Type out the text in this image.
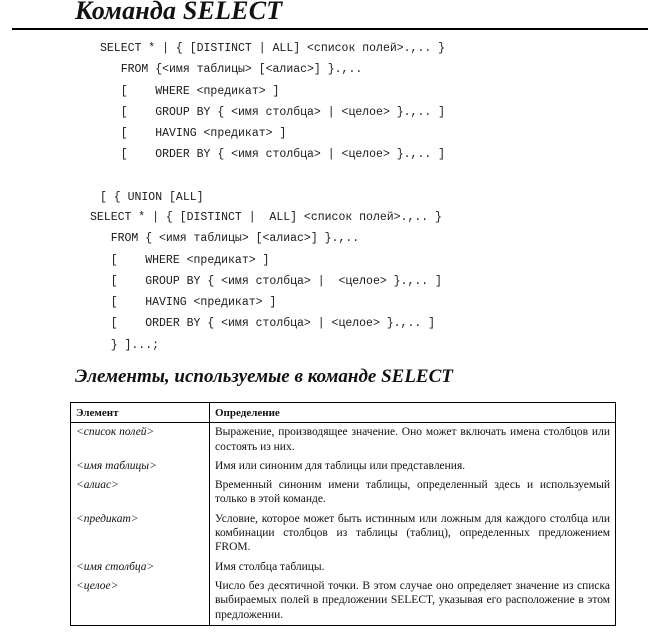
Команда SELECT
SELECT * | { [DISTINCT | ALL] <список полей>.,.. }
FROM {<имя таблицы> [<алиас>] }.,..
[    WHERE <предикат> ]
[    GROUP BY { <имя столбца> | <целое> }.,.. ]
[    HAVING <предикат> ]
[    ORDER BY { <имя столбца> | <целое> }.,.. ]

[ { UNION [ALL]
SELECT * | { [DISTINCT |  ALL] <список полей>.,.. }
FROM { <имя таблицы> [<алиас>] }.,..
[    WHERE <предикат> ]
[    GROUP BY { <имя столбца> |  <целое> }.,.. ]
[    HAVING <предикат> ]
[    ORDER BY { <имя столбца> | <целое> }.,.. ]
} ]...;
Элементы, используемые в команде SELECT
Элемент	Определение
<список полей>	Выражение, производящее значение. Оно может включать имена столбцов или состоять из них.
<имя таблицы>	Имя или синоним для таблицы или представления.
<алиас>	Временный синоним имени таблицы, определенный здесь и используемый только в этой команде.
<предикат>	Условие, которое может быть истинным или ложным для каждого столбца или комбинации столбцов из таблицы (таблиц), определенных предложением FROM.
<имя столбца>	Имя столбца таблицы.
<целое>	Число без десятичной точки. В этом случае оно определяет значение из списка выбираемых полей в предложении SELECT, указывая его расположение в этом предложении.
